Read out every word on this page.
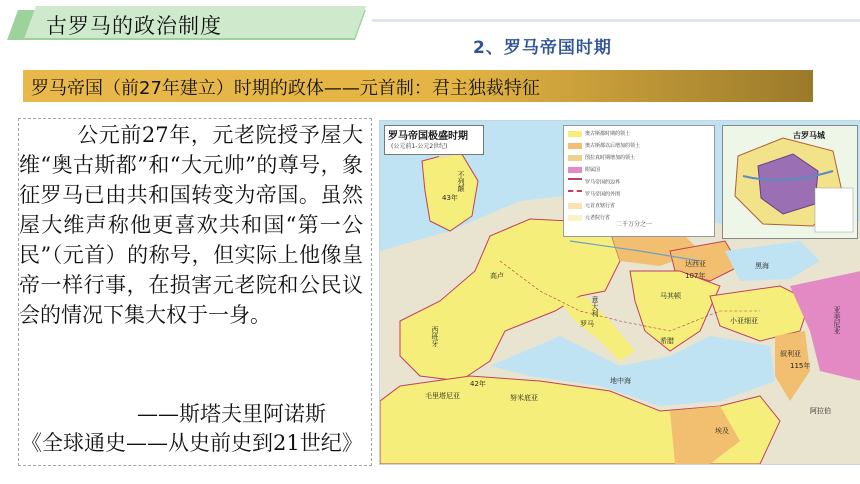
古罗马的政治制度
2、罗马帝国时期
罗马帝国（前27年建立）时期的政体——元首制：君主独裁特征
公元前27年，元老院授予屋大维“奥古斯都”和“大元帅”的尊号，象征罗马已由共和国转变为帝国。虽然屋大维声称他更喜欢共和国“第一公民”（元首）的称号，但实际上他像皇帝一样行事，在损害元老院和公民议会的情况下集大权于一身。
——斯塔夫里阿诺斯
《全球通史——从史前史到21世纪》
罗马帝国极盛时期
(公元前1-公元2世纪)
奥古斯都时期的领土
奥古斯都以后增加的领土
图拉真时期增加的领土
附属国
罗马帝国的边界
罗马帝国的外围
元首直辖行省
元老院行省
二千万分之一
古罗马城
不列颠
43年
达西亚
107年
亚美尼亚
115年
意大利
西班牙
高卢
毛里塔尼亚
42年
努米底亚
埃及
叙利亚
希腊
马其顿
阿拉伯
小亚细亚
罗马
黑海
地中海
